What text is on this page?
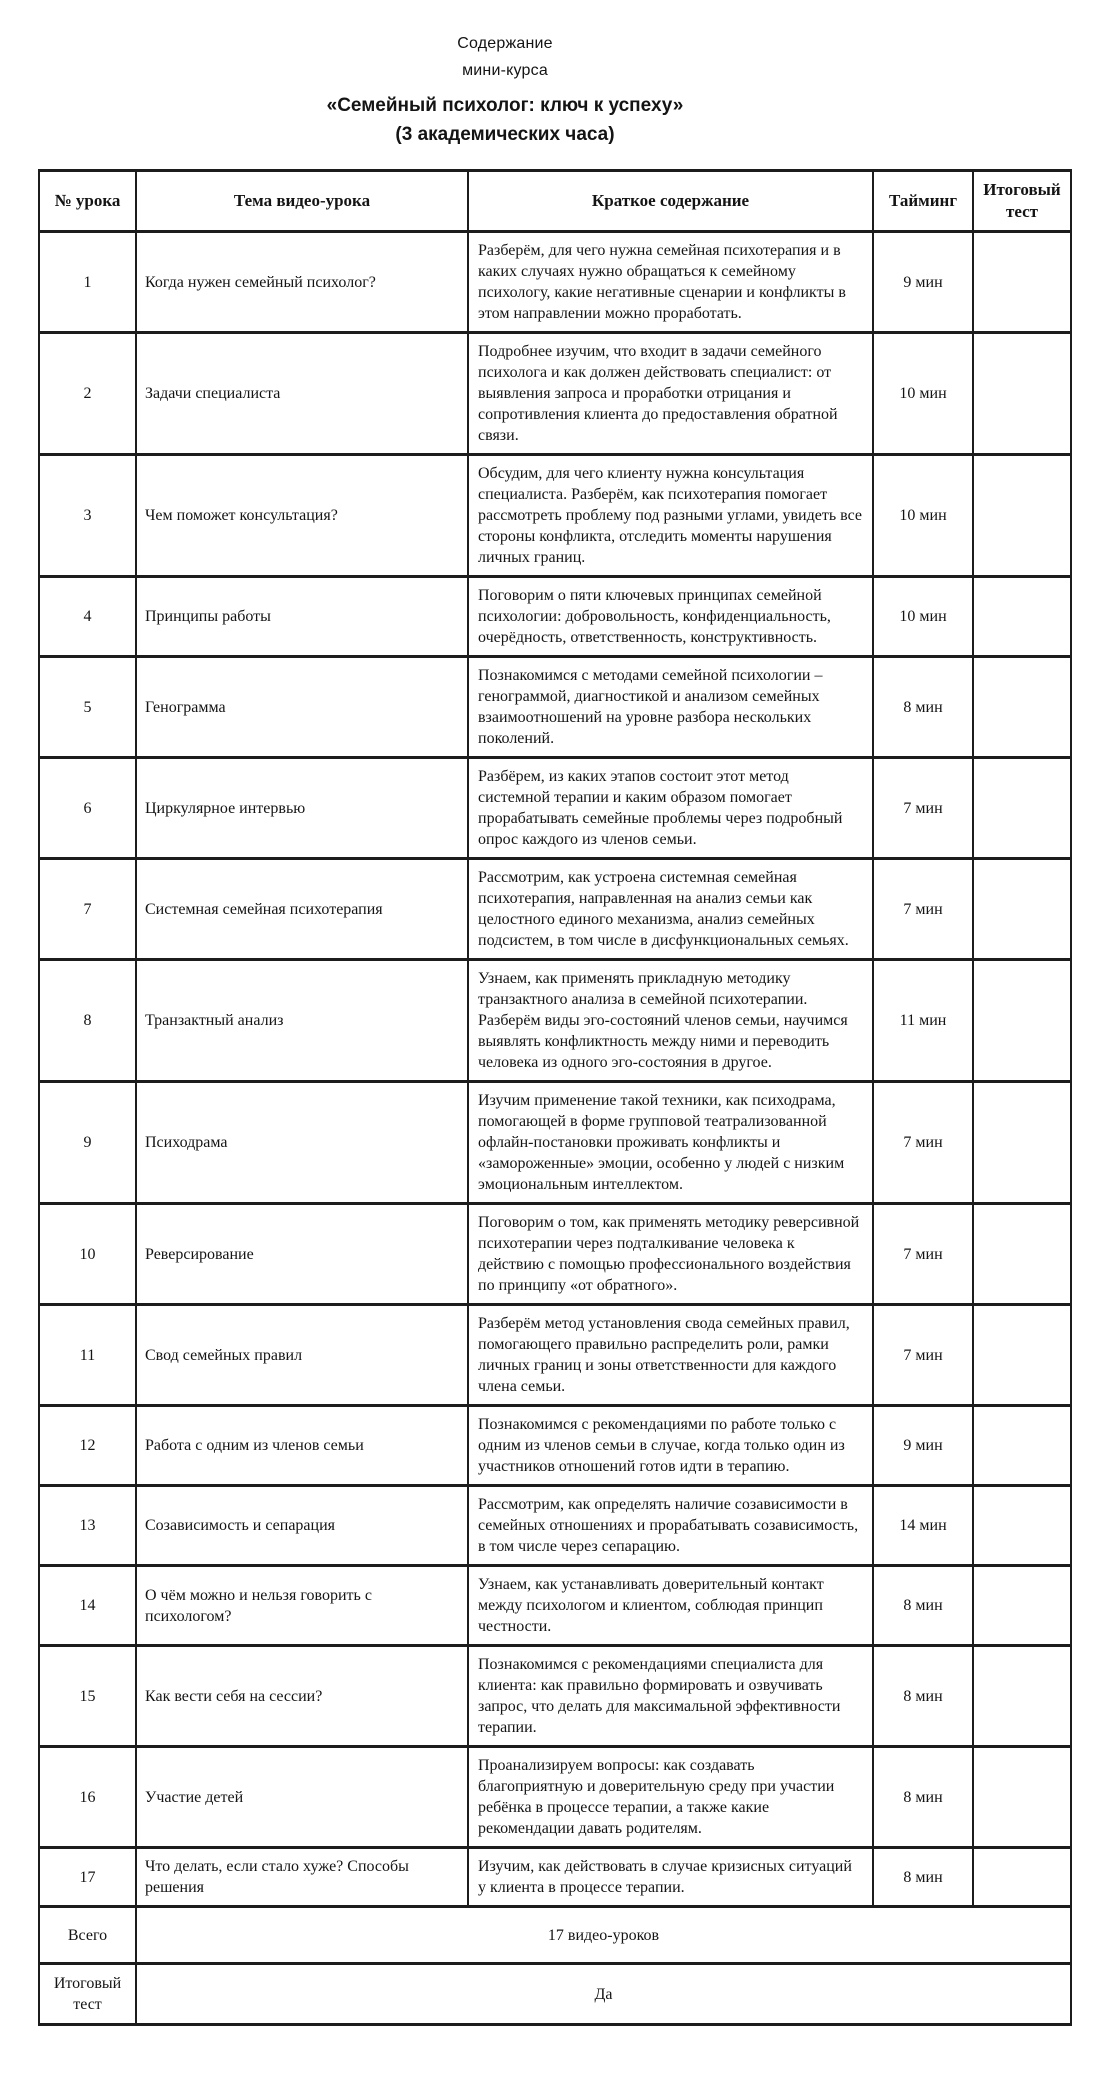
Содержание

мини-курса

«Семейный психолог: ключ к успеху»

(3 академических часа)

№ урока	Тема видео-урока	Краткое содержание	Тайминг	Итоговый тест
1	Когда нужен семейный психолог?	Разберём, для чего нужна семейная психотерапия и в каких случаях нужно обращаться к семейному психологу, какие негативные сценарии и конфликты в этом направлении можно проработать.	9 мин	
2	Задачи специалиста	Подробнее изучим, что входит в задачи семейного психолога и как должен действовать специалист: от выявления запроса и проработки отрицания и сопротивления клиента до предоставления обратной связи.	10 мин	
3	Чем поможет консультация?	Обсудим, для чего клиенту нужна консультация специалиста. Разберём, как психотерапия помогает рассмотреть проблему под разными углами, увидеть все стороны конфликта, отследить моменты нарушения личных границ.	10 мин	
4	Принципы работы	Поговорим о пяти ключевых принципах семейной психологии: добровольность, конфиденциальность, очерёдность, ответственность, конструктивность.	10 мин	
5	Генограмма	Познакомимся с методами семейной психологии – генограммой, диагностикой и анализом семейных взаимоотношений на уровне разбора нескольких поколений.	8 мин	
6	Циркулярное интервью	Разбёрем, из каких этапов состоит этот метод системной терапии и каким образом помогает прорабатывать семейные проблемы через подробный опрос каждого из членов семьи.	7 мин	
7	Системная семейная психотерапия	Рассмотрим, как устроена системная семейная психотерапия, направленная на анализ семьи как целостного единого механизма, анализ семейных подсистем, в том числе в дисфункциональных семьях.	7 мин	
8	Транзактный анализ	Узнаем, как применять прикладную методику транзактного анализа в семейной психотерапии. Разберём виды эго-состояний членов семьи, научимся выявлять конфликтность между ними и переводить человека из одного эго-состояния в другое.	11 мин	
9	Психодрама	Изучим применение такой техники, как психодрама, помогающей в форме групповой театрализованной офлайн-постановки проживать конфликты и «замороженные» эмоции, особенно у людей с низким эмоциональным интеллектом.	7 мин	
10	Реверсирование	Поговорим о том, как применять методику реверсивной психотерапии через подталкивание человека к действию с помощью профессионального воздействия по принципу «от обратного».	7 мин	
11	Свод семейных правил	Разберём метод установления свода семейных правил, помогающего правильно распределить роли, рамки личных границ и зоны ответственности для каждого члена семьи.	7 мин	
12	Работа с одним из членов семьи	Познакомимся с рекомендациями по работе только с одним из членов семьи в случае, когда только один из участников отношений готов идти в терапию.	9 мин	
13	Созависимость и сепарация	Рассмотрим, как определять наличие созависимости в семейных отношениях и прорабатывать созависимость, в том числе через сепарацию.	14 мин	
14	О чём можно и нельзя говорить с психологом?	Узнаем, как устанавливать доверительный контакт между психологом и клиентом, соблюдая принцип честности.	8 мин	
15	Как вести себя на сессии?	Познакомимся с рекомендациями специалиста для клиента: как правильно формировать и озвучивать запрос, что делать для максимальной эффективности терапии.	8 мин	
16	Участие детей	Проанализируем вопросы: как создавать благоприятную и доверительную среду при участии ребёнка в процессе терапии, а также какие рекомендации давать родителям.	8 мин	
17	Что делать, если стало хуже? Способы решения	Изучим, как действовать в случае кризисных ситуаций у клиента в процессе терапии.	8 мин	
Всего	17 видео-уроков			
Итоговый тест	Да			
